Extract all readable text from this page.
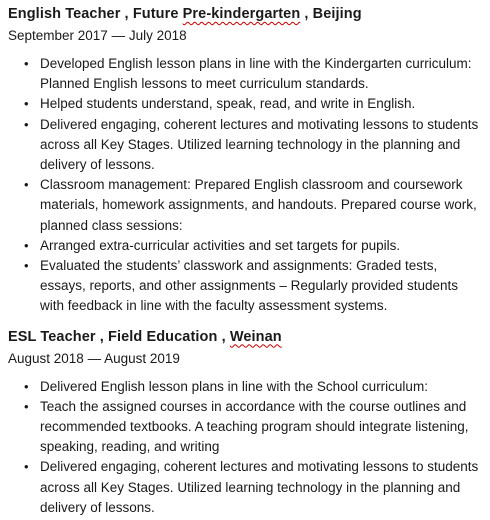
English Teacher , Future Pre-kindergarten , Beijing
September 2017 — July 2018
• Developed English lesson plans in line with the Kindergarten curriculum: Planned English lessons to meet curriculum standards.
• Helped students understand, speak, read, and write in English.
• Delivered engaging, coherent lectures and motivating lessons to students across all Key Stages. Utilized learning technology in the planning and delivery of lessons.
• Classroom management: Prepared English classroom and coursework materials, homework assignments, and handouts. Prepared course work, planned class sessions:
• Arranged extra-curricular activities and set targets for pupils.
• Evaluated the students’ classwork and assignments: Graded tests, essays, reports, and other assignments – Regularly provided students with feedback in line with the faculty assessment systems.
ESL Teacher , Field Education , Weinan
August 2018 — August 2019
• Delivered English lesson plans in line with the School curriculum:
• Teach the assigned courses in accordance with the course outlines and recommended textbooks. A teaching program should integrate listening, speaking, reading, and writing
• Delivered engaging, coherent lectures and motivating lessons to students across all Key Stages. Utilized learning technology in the planning and delivery of lessons.
